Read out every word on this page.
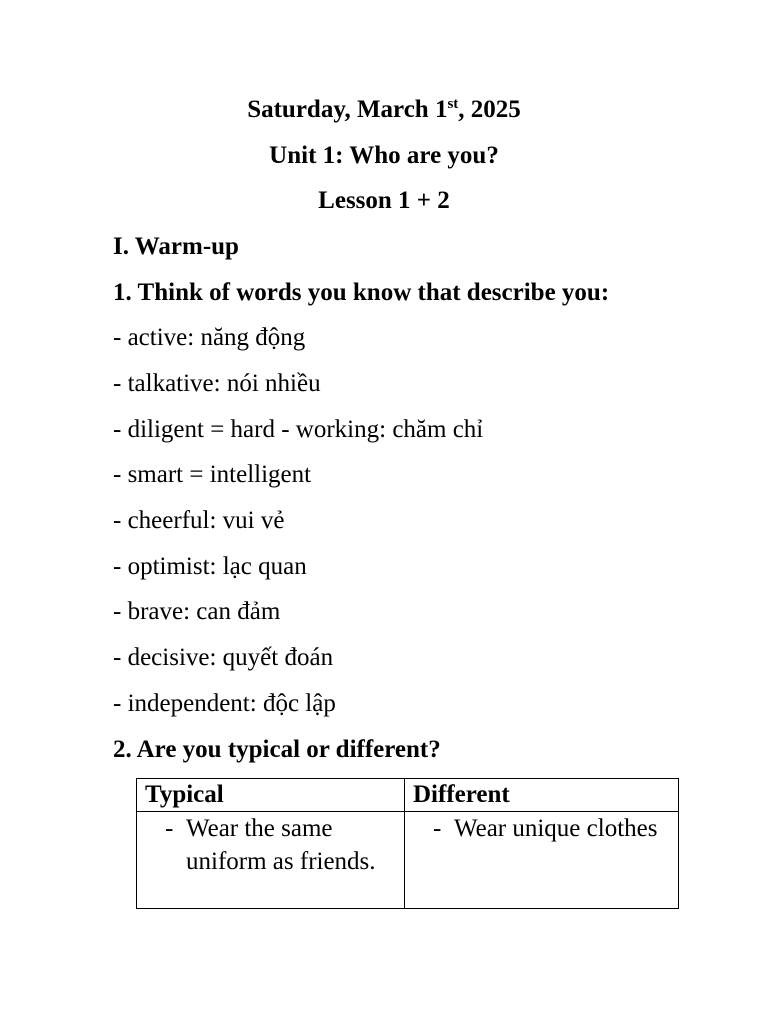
Saturday, March 1st, 2025
Unit 1: Who are you?
Lesson 1 + 2
I. Warm-up
1. Think of words you know that describe you:
- active: năng động
- talkative: nói nhiều
- diligent = hard - working: chăm chỉ
- smart = intelligent
- cheerful: vui vẻ
- optimist: lạc quan
- brave: can đảm
- decisive: quyết đoán
- independent: độc lập
2. Are you typical or different?
Typical	Different

- Wear the same uniform as friends.	- Wear unique clothes
